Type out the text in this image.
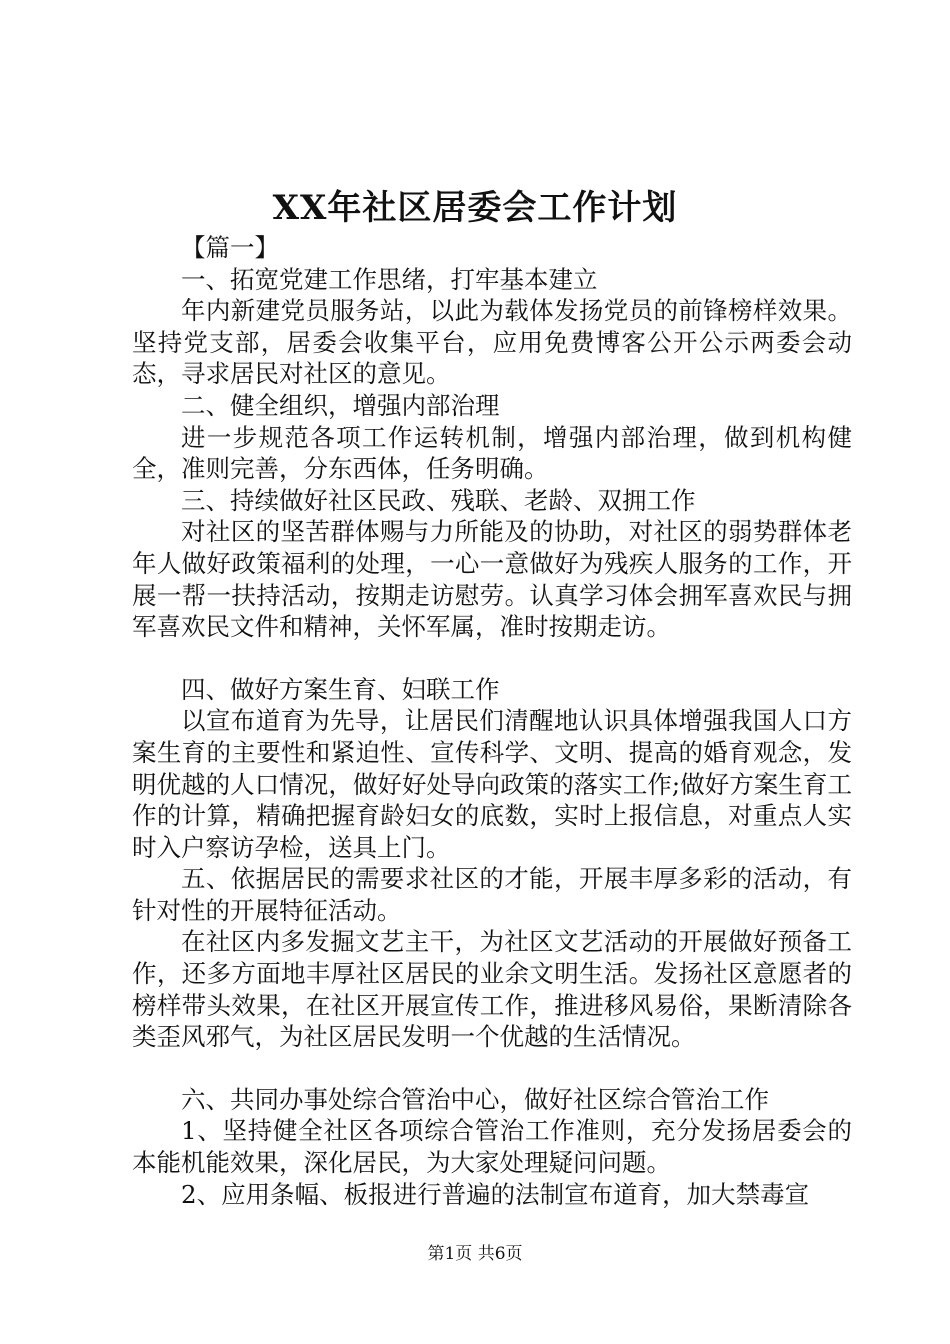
XX年社区居委会工作计划

【篇一】

一、拓宽党建工作思绪，打牢基本建立

年内新建党员服务站，以此为载体发扬党员的前锋榜样效果。坚持党支部，居委会收集平台，应用免费博客公开公示两委会动态，寻求居民对社区的意见。

二、健全组织，增强内部治理

进一步规范各项工作运转机制，增强内部治理，做到机构健全，准则完善，分东西体，任务明确。

三、持续做好社区民政、残联、老龄、双拥工作

对社区的坚苦群体赐与力所能及的协助，对社区的弱势群体老年人做好政策福利的处理，一心一意做好为残疾人服务的工作，开展一帮一扶持活动，按期走访慰劳。认真学习体会拥军喜欢民与拥军喜欢民文件和精神，关怀军属，准时按期走访。

四、做好方案生育、妇联工作

以宣布道育为先导，让居民们清醒地认识具体增强我国人口方案生育的主要性和紧迫性、宣传科学、文明、提高的婚育观念，发明优越的人口情况，做好好处导向政策的落实工作;做好方案生育工作的计算，精确把握育龄妇女的底数，实时上报信息，对重点人实时入户察访孕检，送具上门。

五、依据居民的需要求社区的才能，开展丰厚多彩的活动，有针对性的开展特征活动。

在社区内多发掘文艺主干，为社区文艺活动的开展做好预备工作，还多方面地丰厚社区居民的业余文明生活。发扬社区意愿者的榜样带头效果，在社区开展宣传工作，推进移风易俗，果断清除各类歪风邪气，为社区居民发明一个优越的生活情况。

六、共同办事处综合管治中心，做好社区综合管治工作

1、坚持健全社区各项综合管治工作准则，充分发扬居委会的本能机能效果，深化居民，为大家处理疑问问题。

2、应用条幅、板报进行普遍的法制宣布道育，加大禁毒宣

第1页 共6页
